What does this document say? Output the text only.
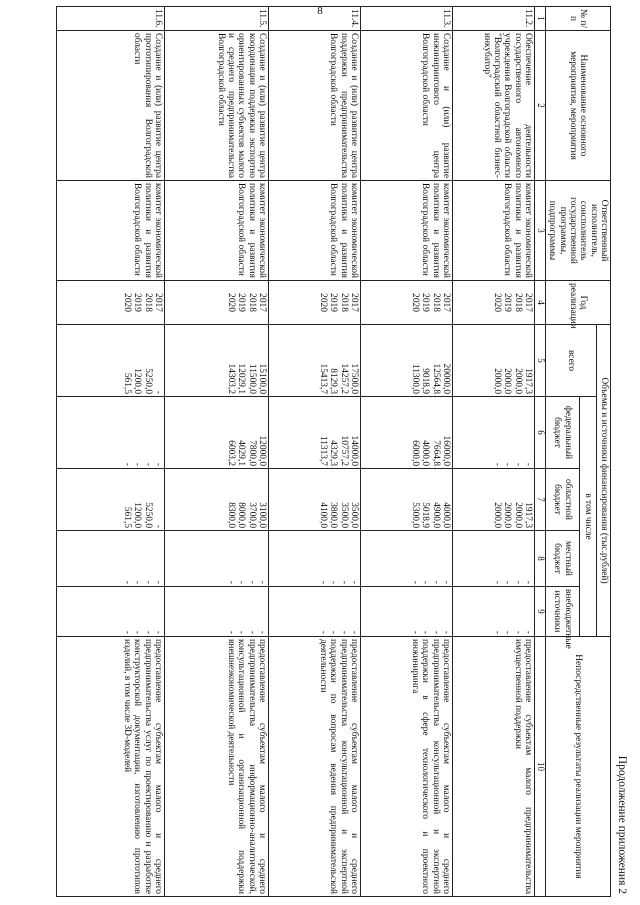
8
Продолжение приложения 2
№ п/п	Наименование основного мероприятия, мероприятия	Ответственный исполнитель, соисполнитель государственной программы, подпрограммы	Год реализации	Объемы и источники финансирования (тыс.рублей)					Непосредственные результаты реализации мероприятия
				всего	в том числе				
					федеральный бюджет	областной бюджет	местный бюджет	внебюджетные источники	
1	2	3	4	5	6	7	8	9	10
11.2.	Обеспечение деятельности государственного автономного учреждения Волгоградской области "Волгоградский областной бизнес-инкубатор"	комитет экономической политики и развития Волгоградской области	2017
2018
2019
2020	1917,3
2000,0
2000,0
2000,0	-
-
-
-	1917,3
2000,0
2000,0
2000,0	-
-
-
-	-
-
-
-	предоставление субъектам малого предпринимательства имущественной поддержки
11.3.	Создание и (или) развитие инжинирингового центра Волгоградской области	комитет экономической политики и развития Волгоградской области	2017
2018
2019
2020	20000,0
12564,8
9018,9
11300,0	16000,0
7664,8
4000,0
6000,0	4000,0
4900,0
5018,9
5300,0	-
-
-
-	-
-
-
-	предоставление субъектам малого и среднего предпринимательства консультационной и экспертной поддержки в сфере технологического и проектного инжиниринга
11.4.	Создание и (или) развитие центра поддержки предпринимательства Волгоградской области	комитет экономической политики и развития Волгоградской области	2017
2018
2019
2020	17500,0
14257,2
8129,3
15413,7	14000,0
10757,2
4329,3
11313,7	3500,0
3500,0
3800,0
4100,0	-
-
-
-	-
-
-
-	предоставление субъектам малого и среднего предпринимательства консультационной и экспертной поддержки по вопросам ведения предпринимательской деятельности
11.5.	Создание и (или) развитие центра координации поддержки экспортно ориентированных субъектов малого и среднего предпринимательства Волгоградской области	комитет экономической политики и развития Волгоградской области	2017
2018
2019
2020	15100,0
11500,0
12029,1
14303,2	12000,0
7800,0
4029,1
6003,2	3100,0
3700,0
8000,0
8300,0	-
-
-
-	-
-
-
-	предоставление субъектам малого и среднего предпринимательства информационно-аналитической, консультационной и организационной поддержки внешнеэкономической деятельности
11.6.	Создание и (или) развитие центра прототипирования Волгоградской области	комитет экономической политики и развития Волгоградской области	2017
2018
2019
2020	-
5250,0
1200,0
561,5	-
-
-
-	-
5250,0
1200,0
561,5	-
-
-
-	-
-
-
-	предоставление субъектам малого и среднего предпринимательства услуг по проектированию и разработке конструкторской документации, изготовлению прототипов изделий, в том числе 3D-моделей
